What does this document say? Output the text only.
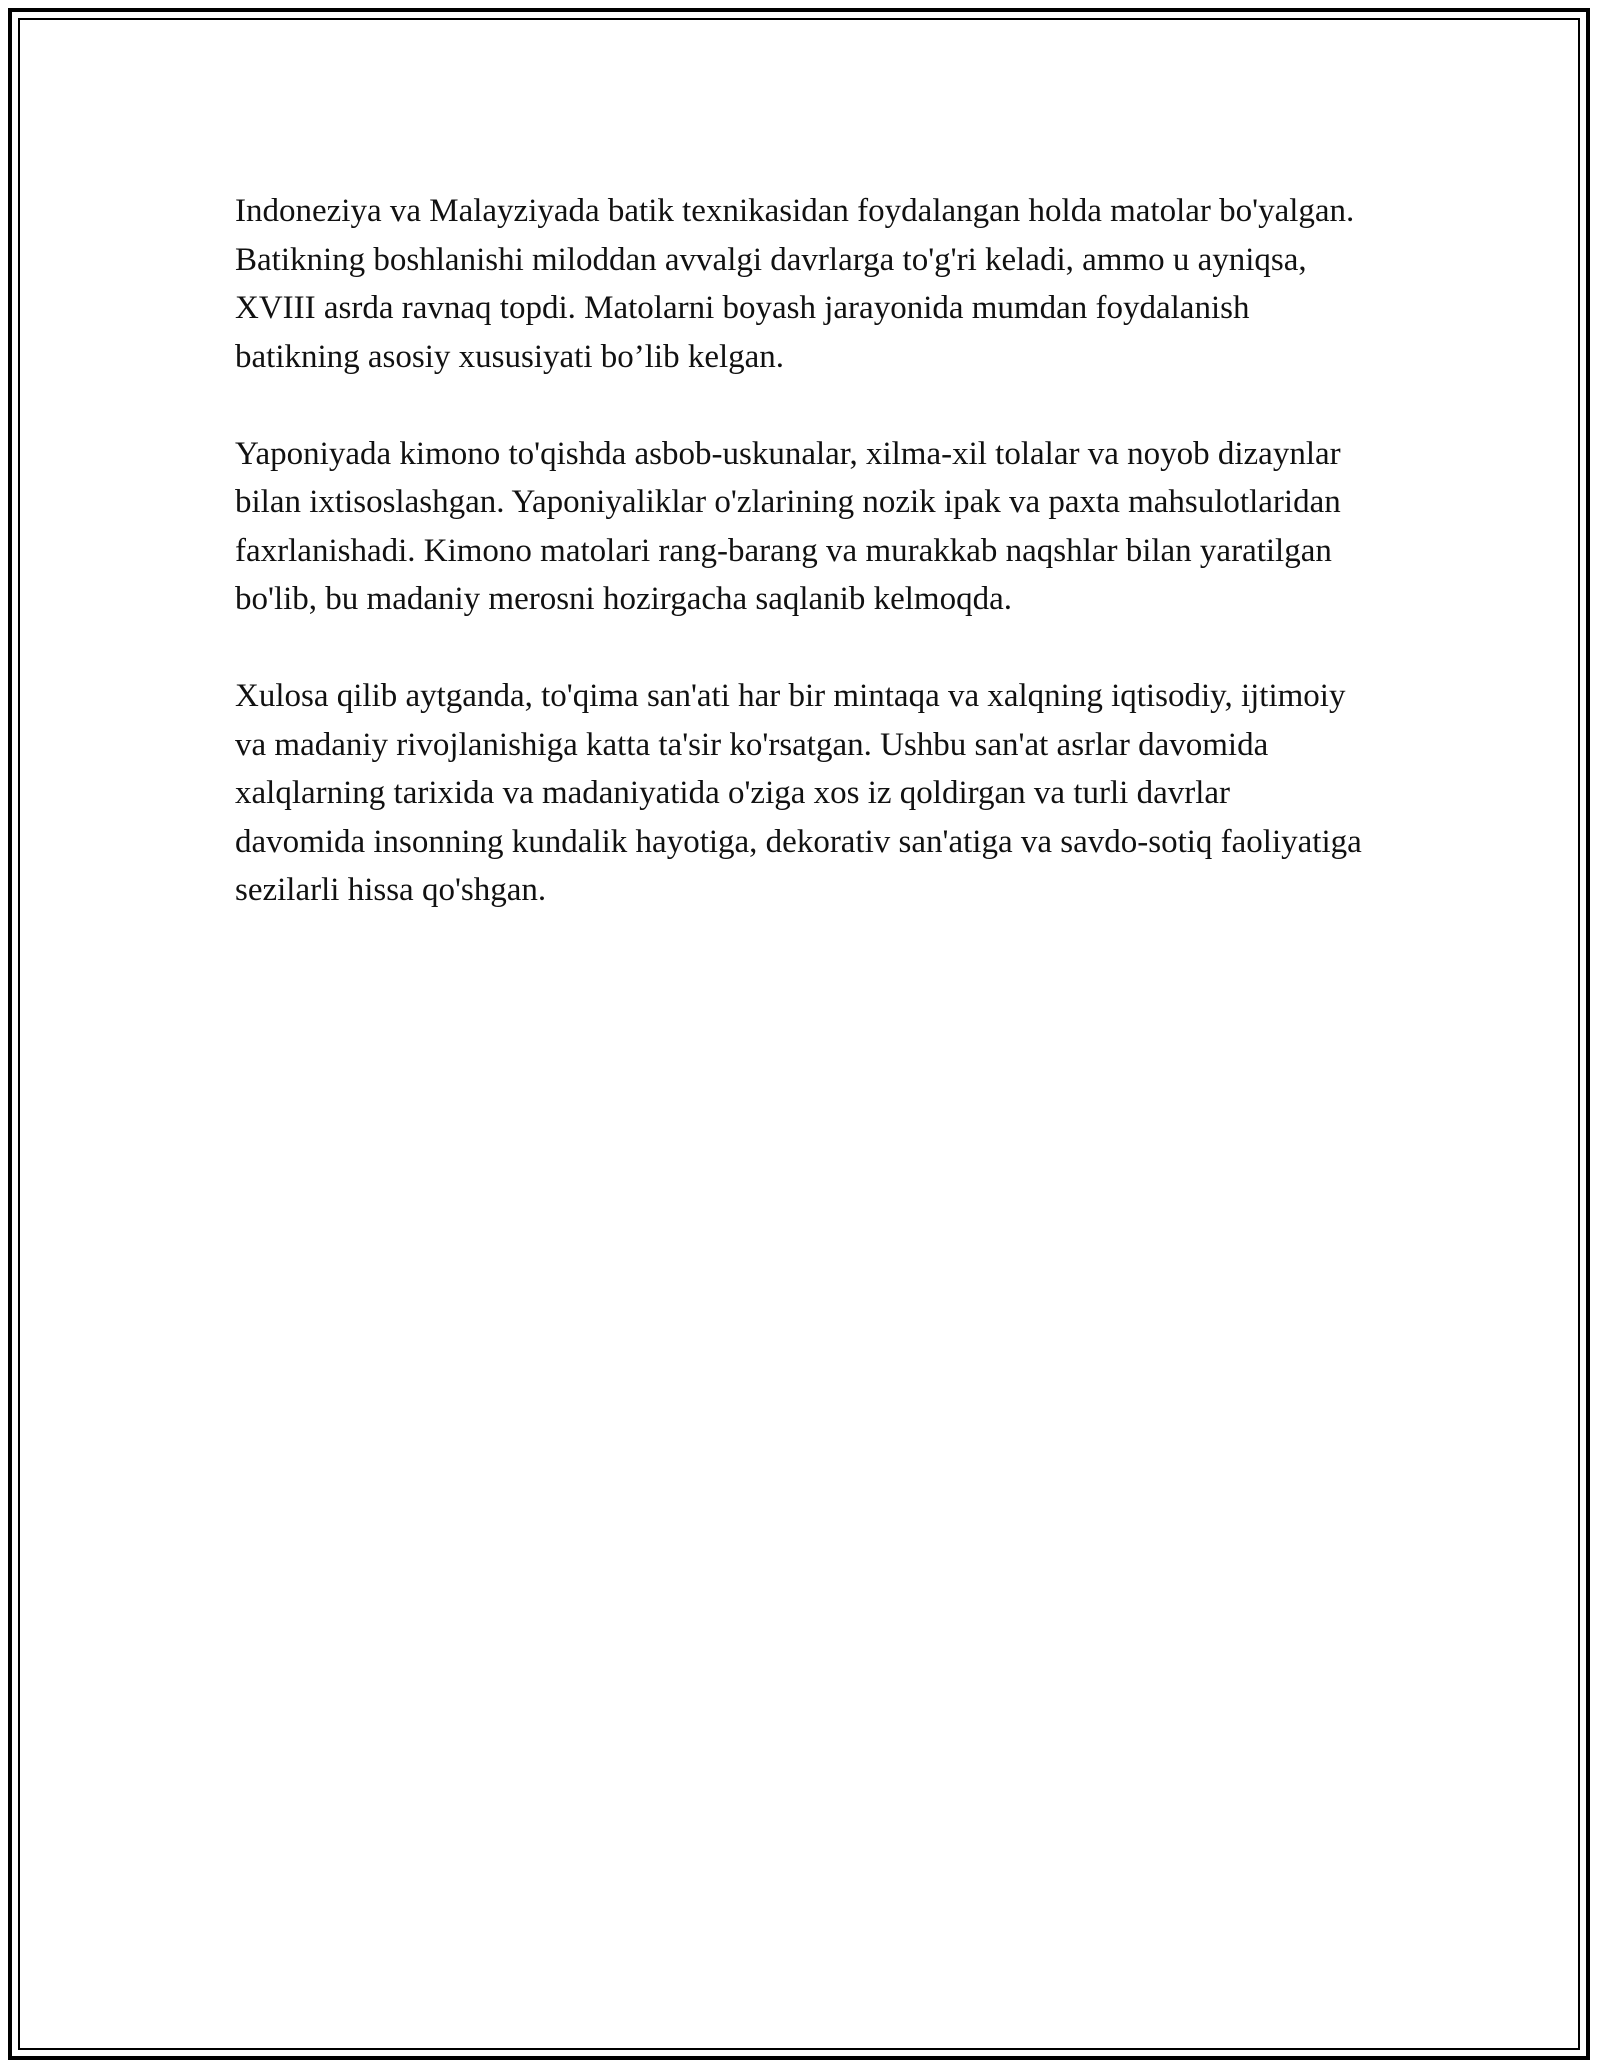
Indoneziya va Malayziyada batik texnikasidan foydalangan holda matolar bo'yalgan. Batikning boshlanishi miloddan avvalgi davrlarga to'g'ri keladi, ammo u ayniqsa, XVIII asrda ravnaq topdi. Matolarni boyash jarayonida mumdan foydalanish batikning asosiy xususiyati bo’lib kelgan.

Yaponiyada kimono to'qishda asbob-uskunalar, xilma-xil tolalar va noyob dizaynlar bilan ixtisoslashgan. Yaponiyaliklar o'zlarining nozik ipak va paxta mahsulotlaridan faxrlanishadi. Kimono matolari rang-barang va murakkab naqshlar bilan yaratilgan bo'lib, bu madaniy merosni hozirgacha saqlanib kelmoqda.

Xulosa qilib aytganda, to'qima san'ati har bir mintaqa va xalqning iqtisodiy, ijtimoiy va madaniy rivojlanishiga katta ta'sir ko'rsatgan. Ushbu san'at asrlar davomida xalqlarning tarixida va madaniyatida o'ziga xos iz qoldirgan va turli davrlar davomida insonning kundalik hayotiga, dekorativ san'atiga va savdo-sotiq faoliyatiga sezilarli hissa qo'shgan.
